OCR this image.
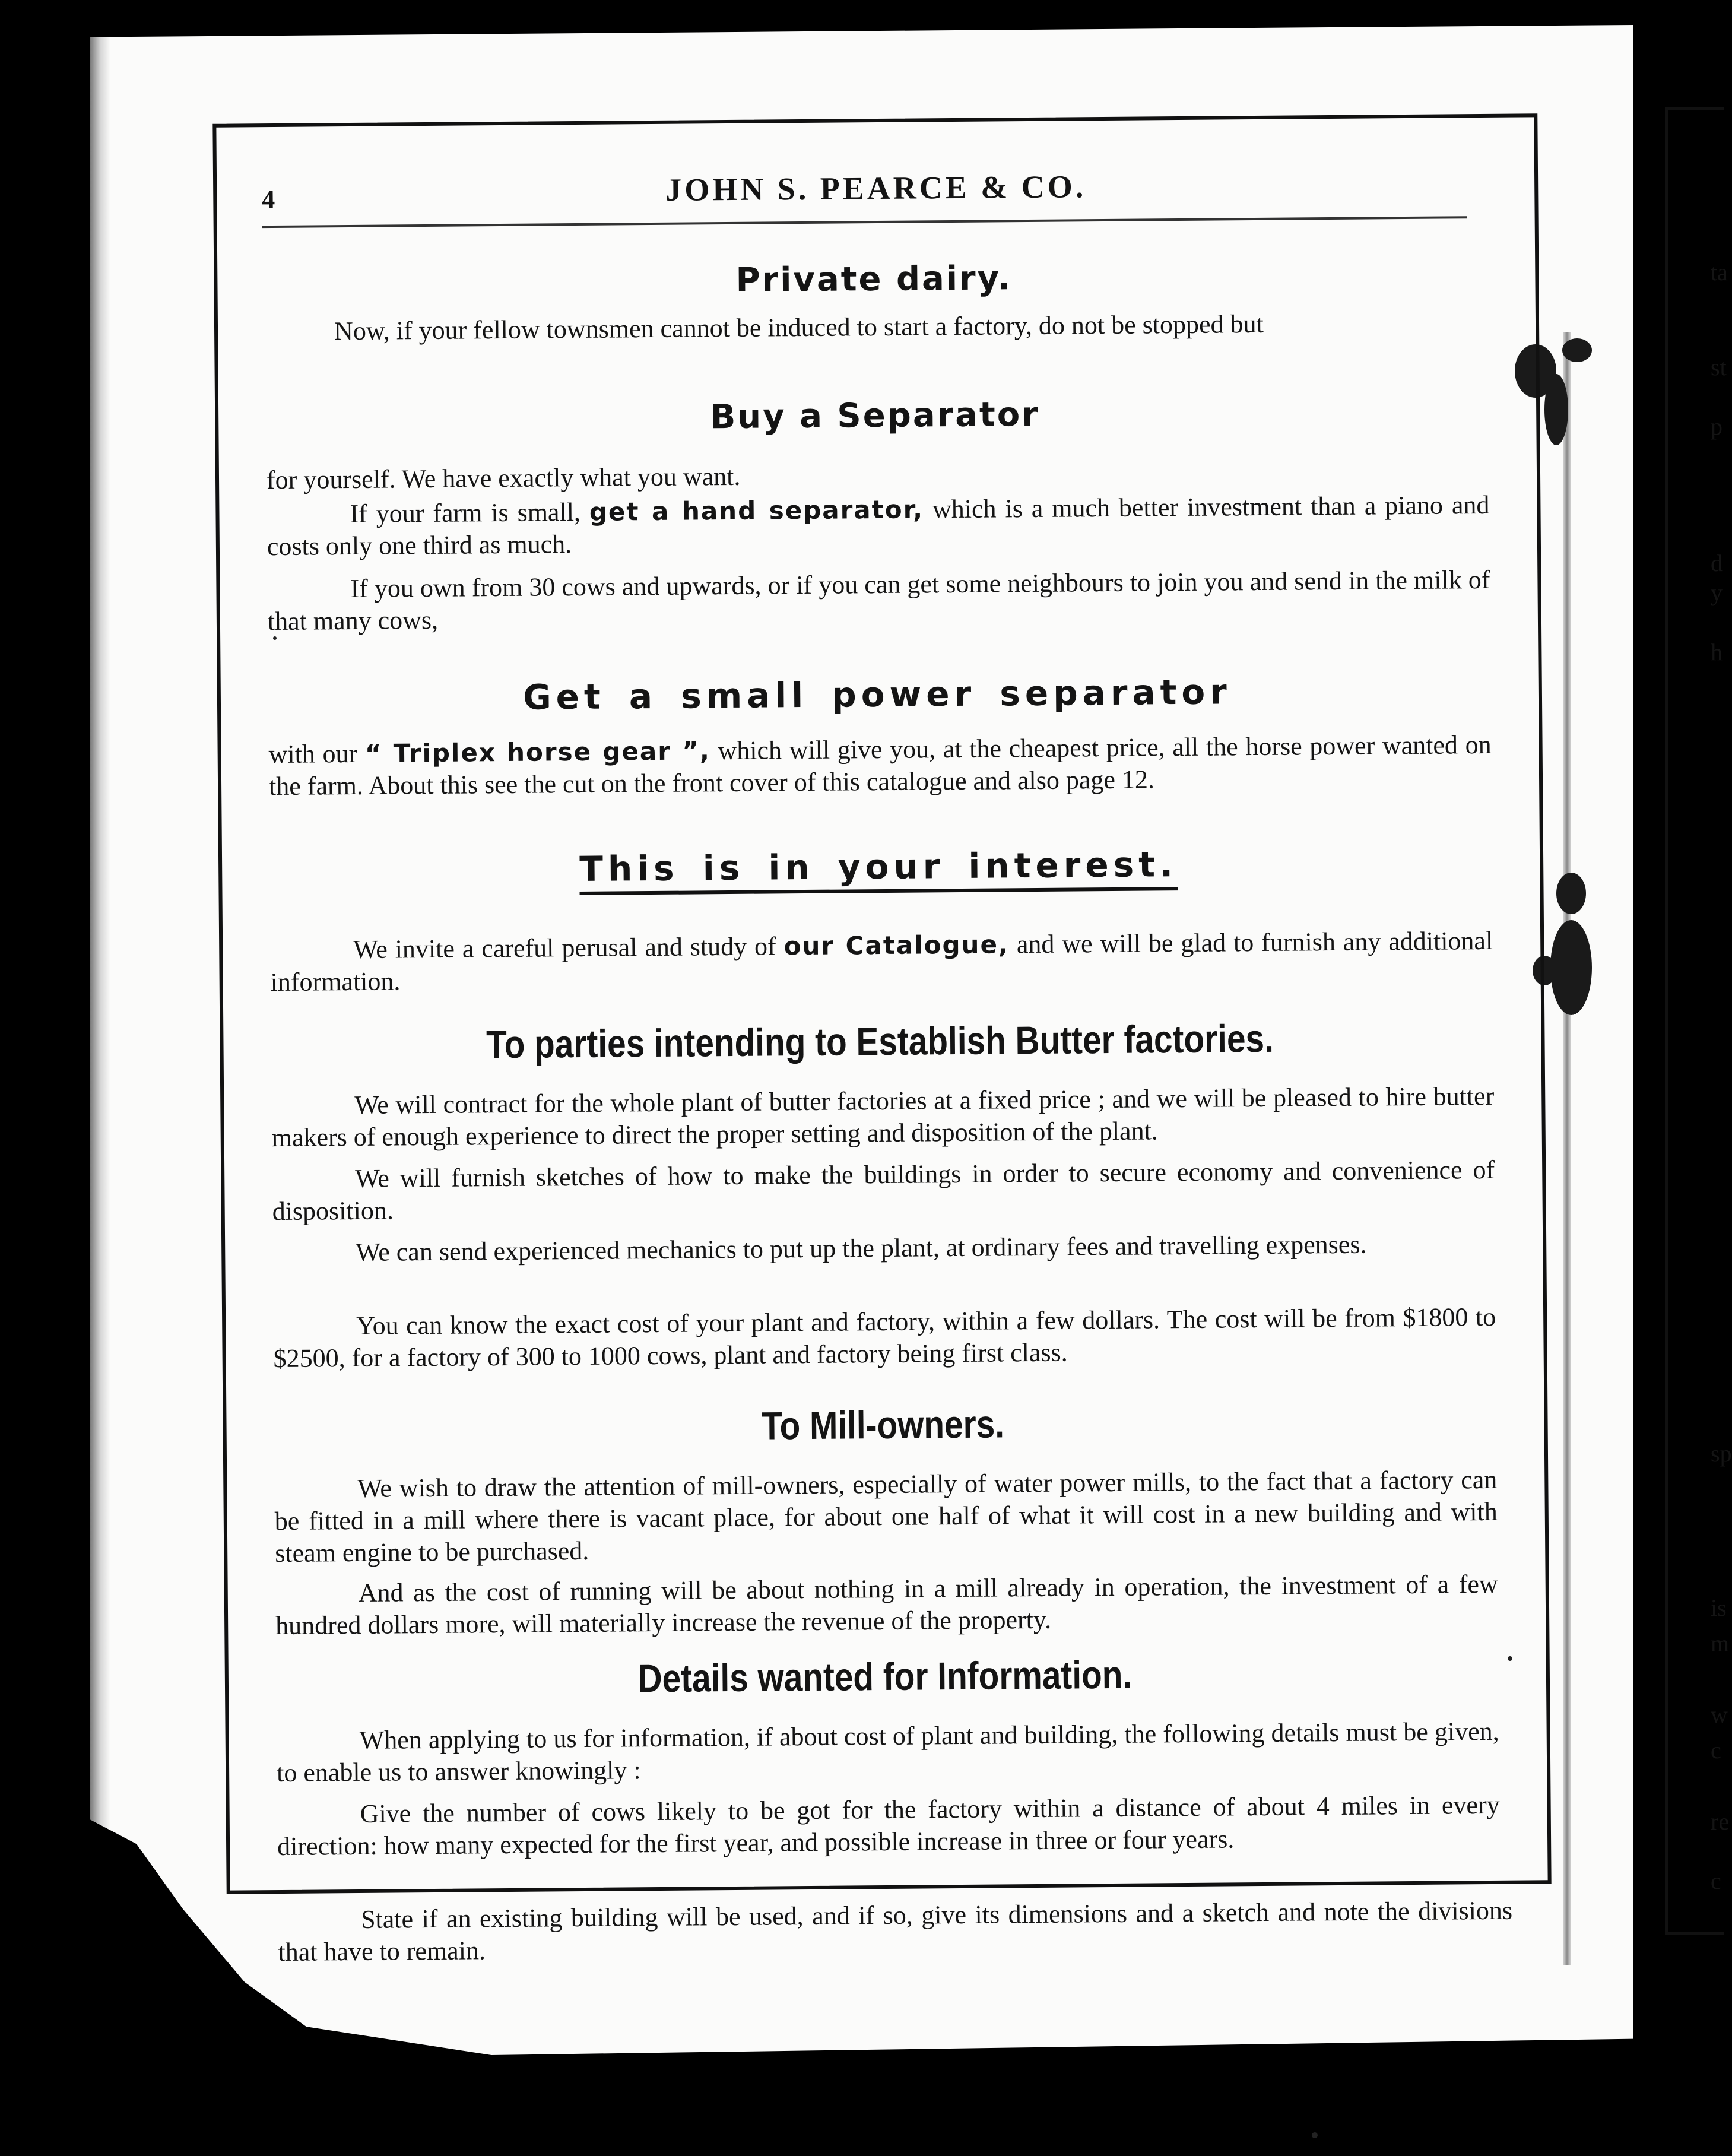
ta
st
p
d
y
h
sp
is
m
w
c
re
c
4	JOHN S. PEARCE & CO.
Private dairy.

Now, if your fellow townsmen cannot be induced to start a factory, do not be stopped but

Buy a Separator

for yourself. We have exactly what you want.

If your farm is small, get a hand separator, which is a much better investment than a piano and costs only one third as much.

If you own from 30 cows and upwards, or if you can get some neighbours to join you and send in the milk of that many cows,

Get a small power separator

with our “ Triplex horse gear ”, which will give you, at the cheapest price, all the horse power wanted on the farm. About this see the cut on the front cover of this catalogue and also page 12.

This is in your interest.

We invite a careful perusal and study of our Catalogue, and we will be glad to furnish any additional information.

To parties intending to Establish Butter factories.

We will contract for the whole plant of butter factories at a fixed price ; and we will be pleased to hire butter makers of enough experience to direct the proper setting and disposition of the plant.

We will furnish sketches of how to make the buildings in order to secure economy and convenience of disposition.

We can send experienced mechanics to put up the plant, at ordinary fees and travelling expenses.

You can know the exact cost of your plant and factory, within a few dollars. The cost will be from $1800 to $2500, for a factory of 300 to 1000 cows, plant and factory being first class.

To Mill-owners.

We wish to draw the attention of mill-owners, especially of water power mills, to the fact that a factory can be fitted in a mill where there is vacant place, for about one half of what it will cost in a new building and with steam engine to be purchased.

And as the cost of running will be about nothing in a mill already in operation, the investment of a few hundred dollars more, will materially increase the revenue of the property.

Details wanted for Information.

When applying to us for information, if about cost of plant and building, the following details must be given, to enable us to answer knowingly :

Give the number of cows likely to be got for the factory within a distance of about 4 miles in every direction: how many expected for the first year, and possible increase in three or four years.

State if an existing building will be used, and if so, give its dimensions and a sketch and note the divisions that have to remain.
